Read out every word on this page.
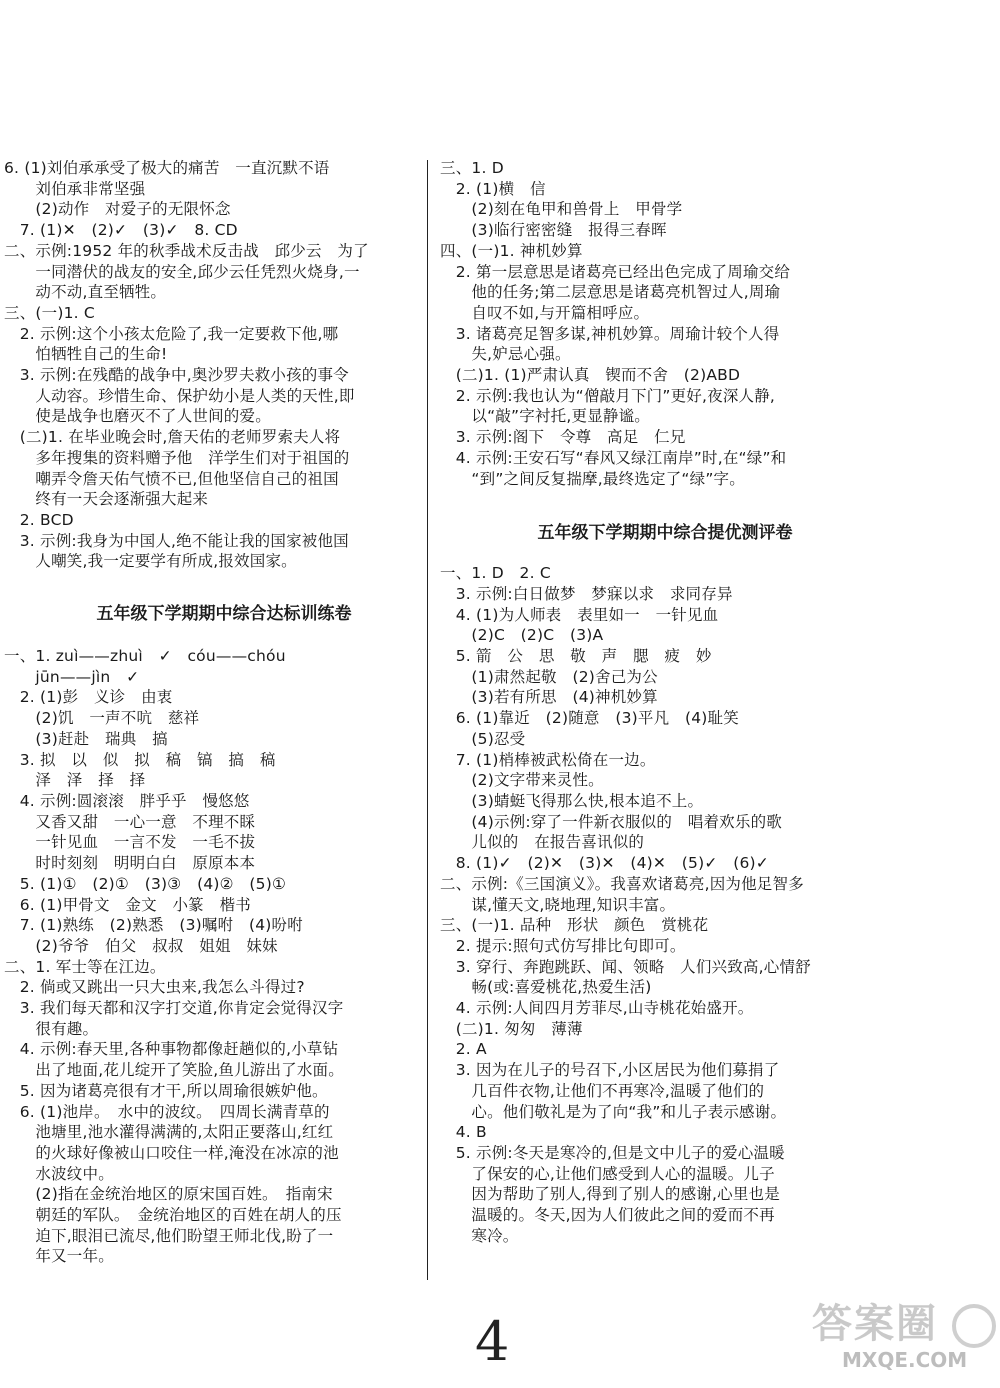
6. (1)刘伯承承受了极大的痛苦　一直沉默不语
　　刘伯承非常坚强
　　(2)动作　对爱子的无限怀念
　7. (1)✕　(2)✓　(3)✓　8. CD
二、示例:1952 年的秋季战术反击战　邱少云　为了
　　一同潜伏的战友的安全,邱少云任凭烈火烧身,一
　　动不动,直至牺牲。
三、(一)1. C
　2. 示例:这个小孩太危险了,我一定要救下他,哪
　　怕牺牲自己的生命!
　3. 示例:在残酷的战争中,奥沙罗夫救小孩的事令
　　人动容。珍惜生命、保护幼小是人类的天性,即
　　使是战争也磨灭不了人世间的爱。
　(二)1. 在毕业晚会时,詹天佑的老师罗索夫人将
　　多年搜集的资料赠予他　洋学生们对于祖国的
　　嘲弄令詹天佑气愤不已,但他坚信自己的祖国
　　终有一天会逐渐强大起来
　2. BCD
　3. 示例:我身为中国人,绝不能让我的国家被他国
　　人嘲笑,我一定要学有所成,报效国家。
五年级下学期期中综合达标训练卷
一、1. zuì——zhuì　✓　cóu——chóu
　　jūn——jìn　✓
　2. (1)彭　义诊　由衷
　　(2)饥　一声不吭　慈祥
　　(3)赶赴　瑞典　搞
　3. 拟　以　似　拟　稿　镐　搞　稿
　　泽　泽　择　择
　4. 示例:圆滚滚　胖乎乎　慢悠悠
　　又香又甜　一心一意　不理不睬
　　一针见血　一言不发　一毛不拔
　　时时刻刻　明明白白　原原本本
　5. (1)①　(2)①　(3)③　(4)②　(5)①
　6. (1)甲骨文　金文　小篆　楷书
　7. (1)熟练　(2)熟悉　(3)嘱咐　(4)吩咐
　　(2)爷爷　伯父　叔叔　姐姐　妹妹
二、1. 军士等在江边。
　2. 倘或又跳出一只大虫来,我怎么斗得过?
　3. 我们每天都和汉字打交道,你肯定会觉得汉字
　　很有趣。
　4. 示例:春天里,各种事物都像赶趟似的,小草钻
　　出了地面,花儿绽开了笑脸,鱼儿游出了水面。
　5. 因为诸葛亮很有才干,所以周瑜很嫉妒他。
　6. (1)池岸。　水中的波纹。　四周长满青草的
　　池塘里,池水灌得满满的,太阳正要落山,红红
　　的火球好像被山口咬住一样,淹没在冰凉的池
　　水波纹中。
　　(2)指在金统治地区的原宋国百姓。　指南宋
　　朝廷的军队。　金统治地区的百姓在胡人的压
　　迫下,眼泪已流尽,他们盼望王师北伐,盼了一
　　年又一年。
三、1. D
　2. (1)横　信
　　(2)刻在龟甲和兽骨上　甲骨学
　　(3)临行密密缝　报得三春晖
四、(一)1. 神机妙算
　2. 第一层意思是诸葛亮已经出色完成了周瑜交给
　　他的任务;第二层意思是诸葛亮机智过人,周瑜
　　自叹不如,与开篇相呼应。
　3. 诸葛亮足智多谋,神机妙算。周瑜计较个人得
　　失,妒忌心强。
　(二)1. (1)严肃认真　锲而不舍　(2)ABD
　2. 示例:我也认为“僧敲月下门”更好,夜深人静,
　　以“敲”字衬托,更显静谧。
　3. 示例:阁下　令尊　高足　仁兄
　4. 示例:王安石写“春风又绿江南岸”时,在“绿”和
　　“到”之间反复揣摩,最终选定了“绿”字。
五年级下学期期中综合提优测评卷
一、1. D　2. C
　3. 示例:白日做梦　梦寐以求　求同存异
　4. (1)为人师表　表里如一　一针见血
　　(2)C　(2)C　(3)A
　5. 箭　公　思　敬　声　腮　疲　妙
　　(1)肃然起敬　(2)舍己为公
　　(3)若有所思　(4)神机妙算
　6. (1)靠近　(2)随意　(3)平凡　(4)耻笑
　　(5)忍受
　7. (1)梢棒被武松倚在一边。
　　(2)文字带来灵性。
　　(3)蜻蜓飞得那么快,根本追不上。
　　(4)示例:穿了一件新衣服似的　唱着欢乐的歌
　　儿似的　在报告喜讯似的
　8. (1)✓　(2)✕　(3)✕　(4)✕　(5)✓　(6)✓
二、示例:《三国演义》。我喜欢诸葛亮,因为他足智多
　　谋,懂天文,晓地理,知识丰富。
三、(一)1. 品种　形状　颜色　赏桃花
　2. 提示:照句式仿写排比句即可。
　3. 穿行、奔跑跳跃、闻、领略　人们兴致高,心情舒
　　畅(或:喜爱桃花,热爱生活)
　4. 示例:人间四月芳菲尽,山寺桃花始盛开。
　(二)1. 匆匆　薄薄
　2. A
　3. 因为在儿子的号召下,小区居民为他们募捐了
　　几百件衣物,让他们不再寒冷,温暖了他们的
　　心。他们敬礼是为了向“我”和儿子表示感谢。
　4. B
　5. 示例:冬天是寒冷的,但是文中儿子的爱心温暖
　　了保安的心,让他们感受到人心的温暖。儿子
　　因为帮助了别人,得到了别人的感谢,心里也是
　　温暖的。冬天,因为人们彼此之间的爱而不再
　　寒冷。
4	答案圈
MXQE.COM
